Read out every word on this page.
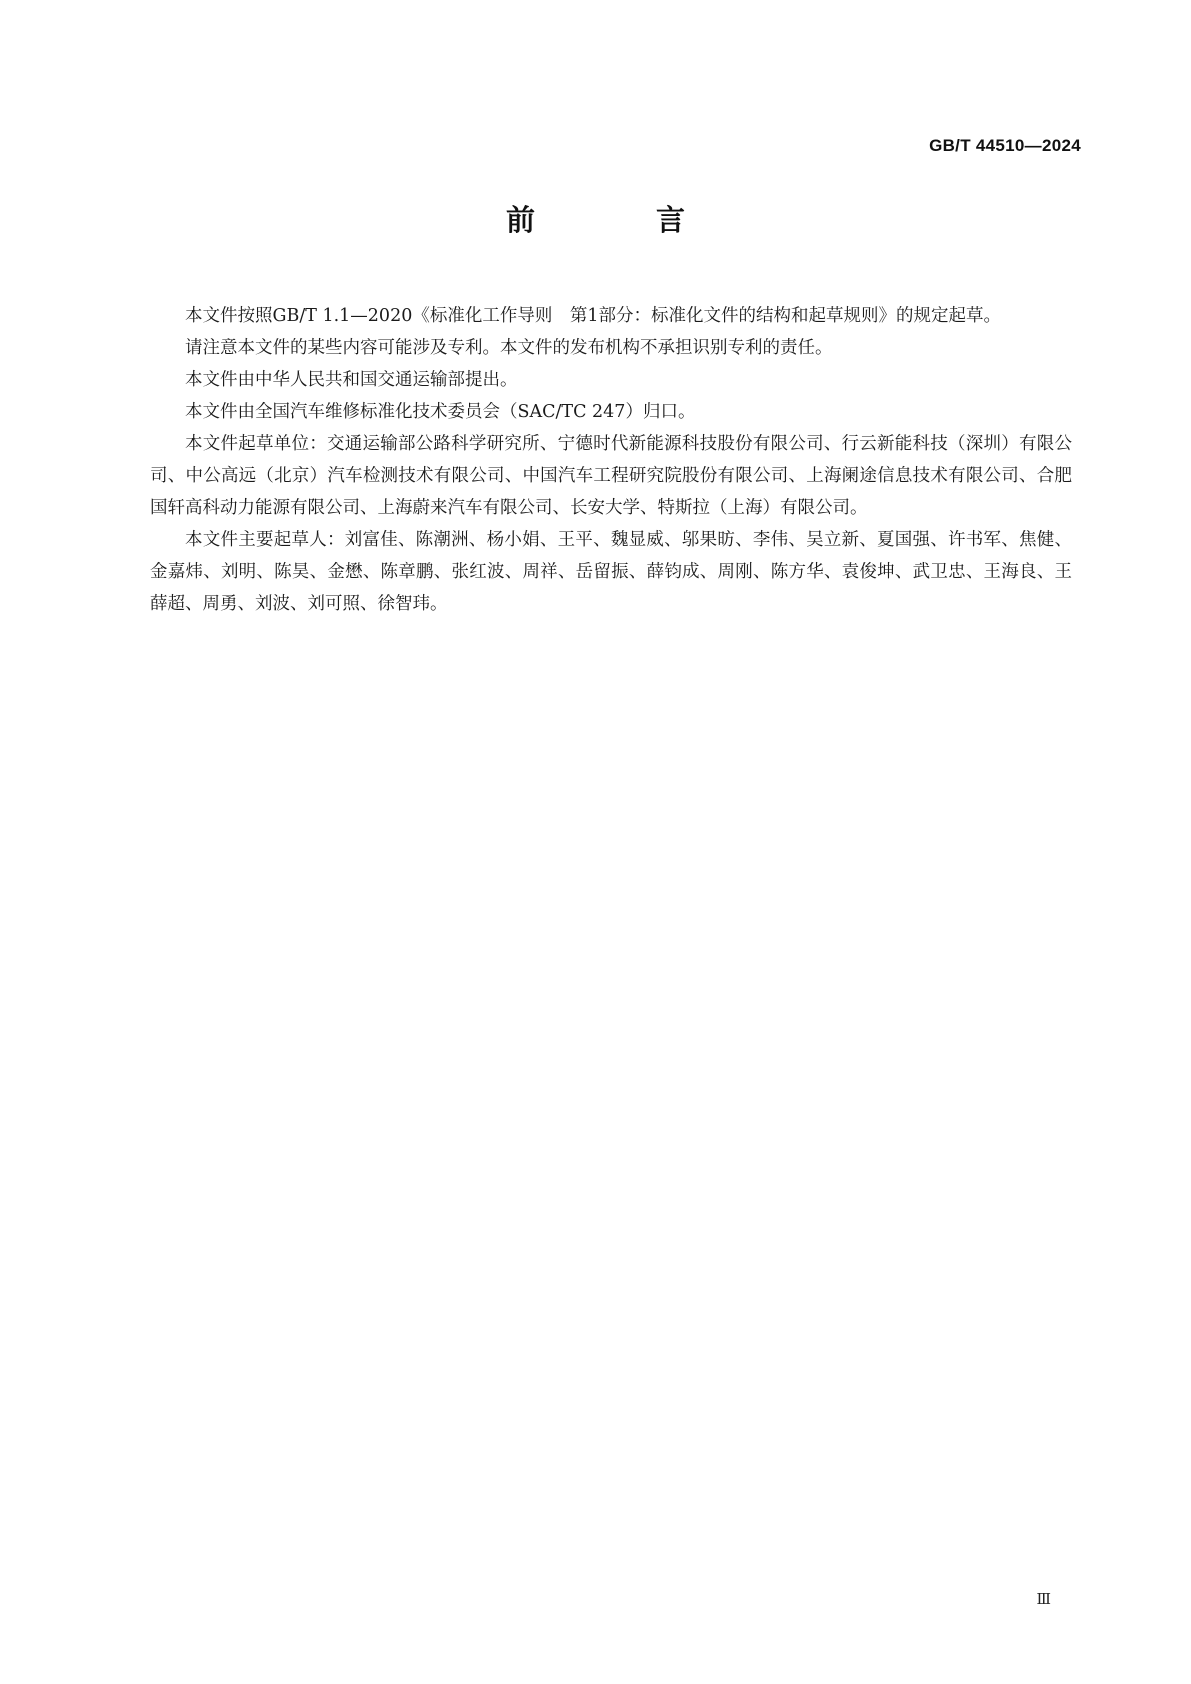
GB/T 44510—2024
前　言

本文件按照GB/T 1.1—2020《标准化工作导则　第1部分：标准化文件的结构和起草规则》的规定起草。

请注意本文件的某些内容可能涉及专利。本文件的发布机构不承担识别专利的责任。

本文件由中华人民共和国交通运输部提出。

本文件由全国汽车维修标准化技术委员会（SAC/TC 247）归口。

本文件起草单位：交通运输部公路科学研究所、宁德时代新能源科技股份有限公司、行云新能科技（深圳）有限公司、中公高远（北京）汽车检测技术有限公司、中国汽车工程研究院股份有限公司、上海阑途信息技术有限公司、合肥国轩高科动力能源有限公司、上海蔚来汽车有限公司、长安大学、特斯拉（上海）有限公司。

本文件主要起草人：刘富佳、陈潮洲、杨小娟、王平、魏显威、邬果昉、李伟、吴立新、夏国强、许书军、焦健、金嘉炜、刘明、陈昊、金懋、陈章鹏、张红波、周祥、岳留振、薛钧成、周刚、陈方华、袁俊坤、武卫忠、王海良、王薛超、周勇、刘波、刘可照、徐智玮。

Ⅲ
